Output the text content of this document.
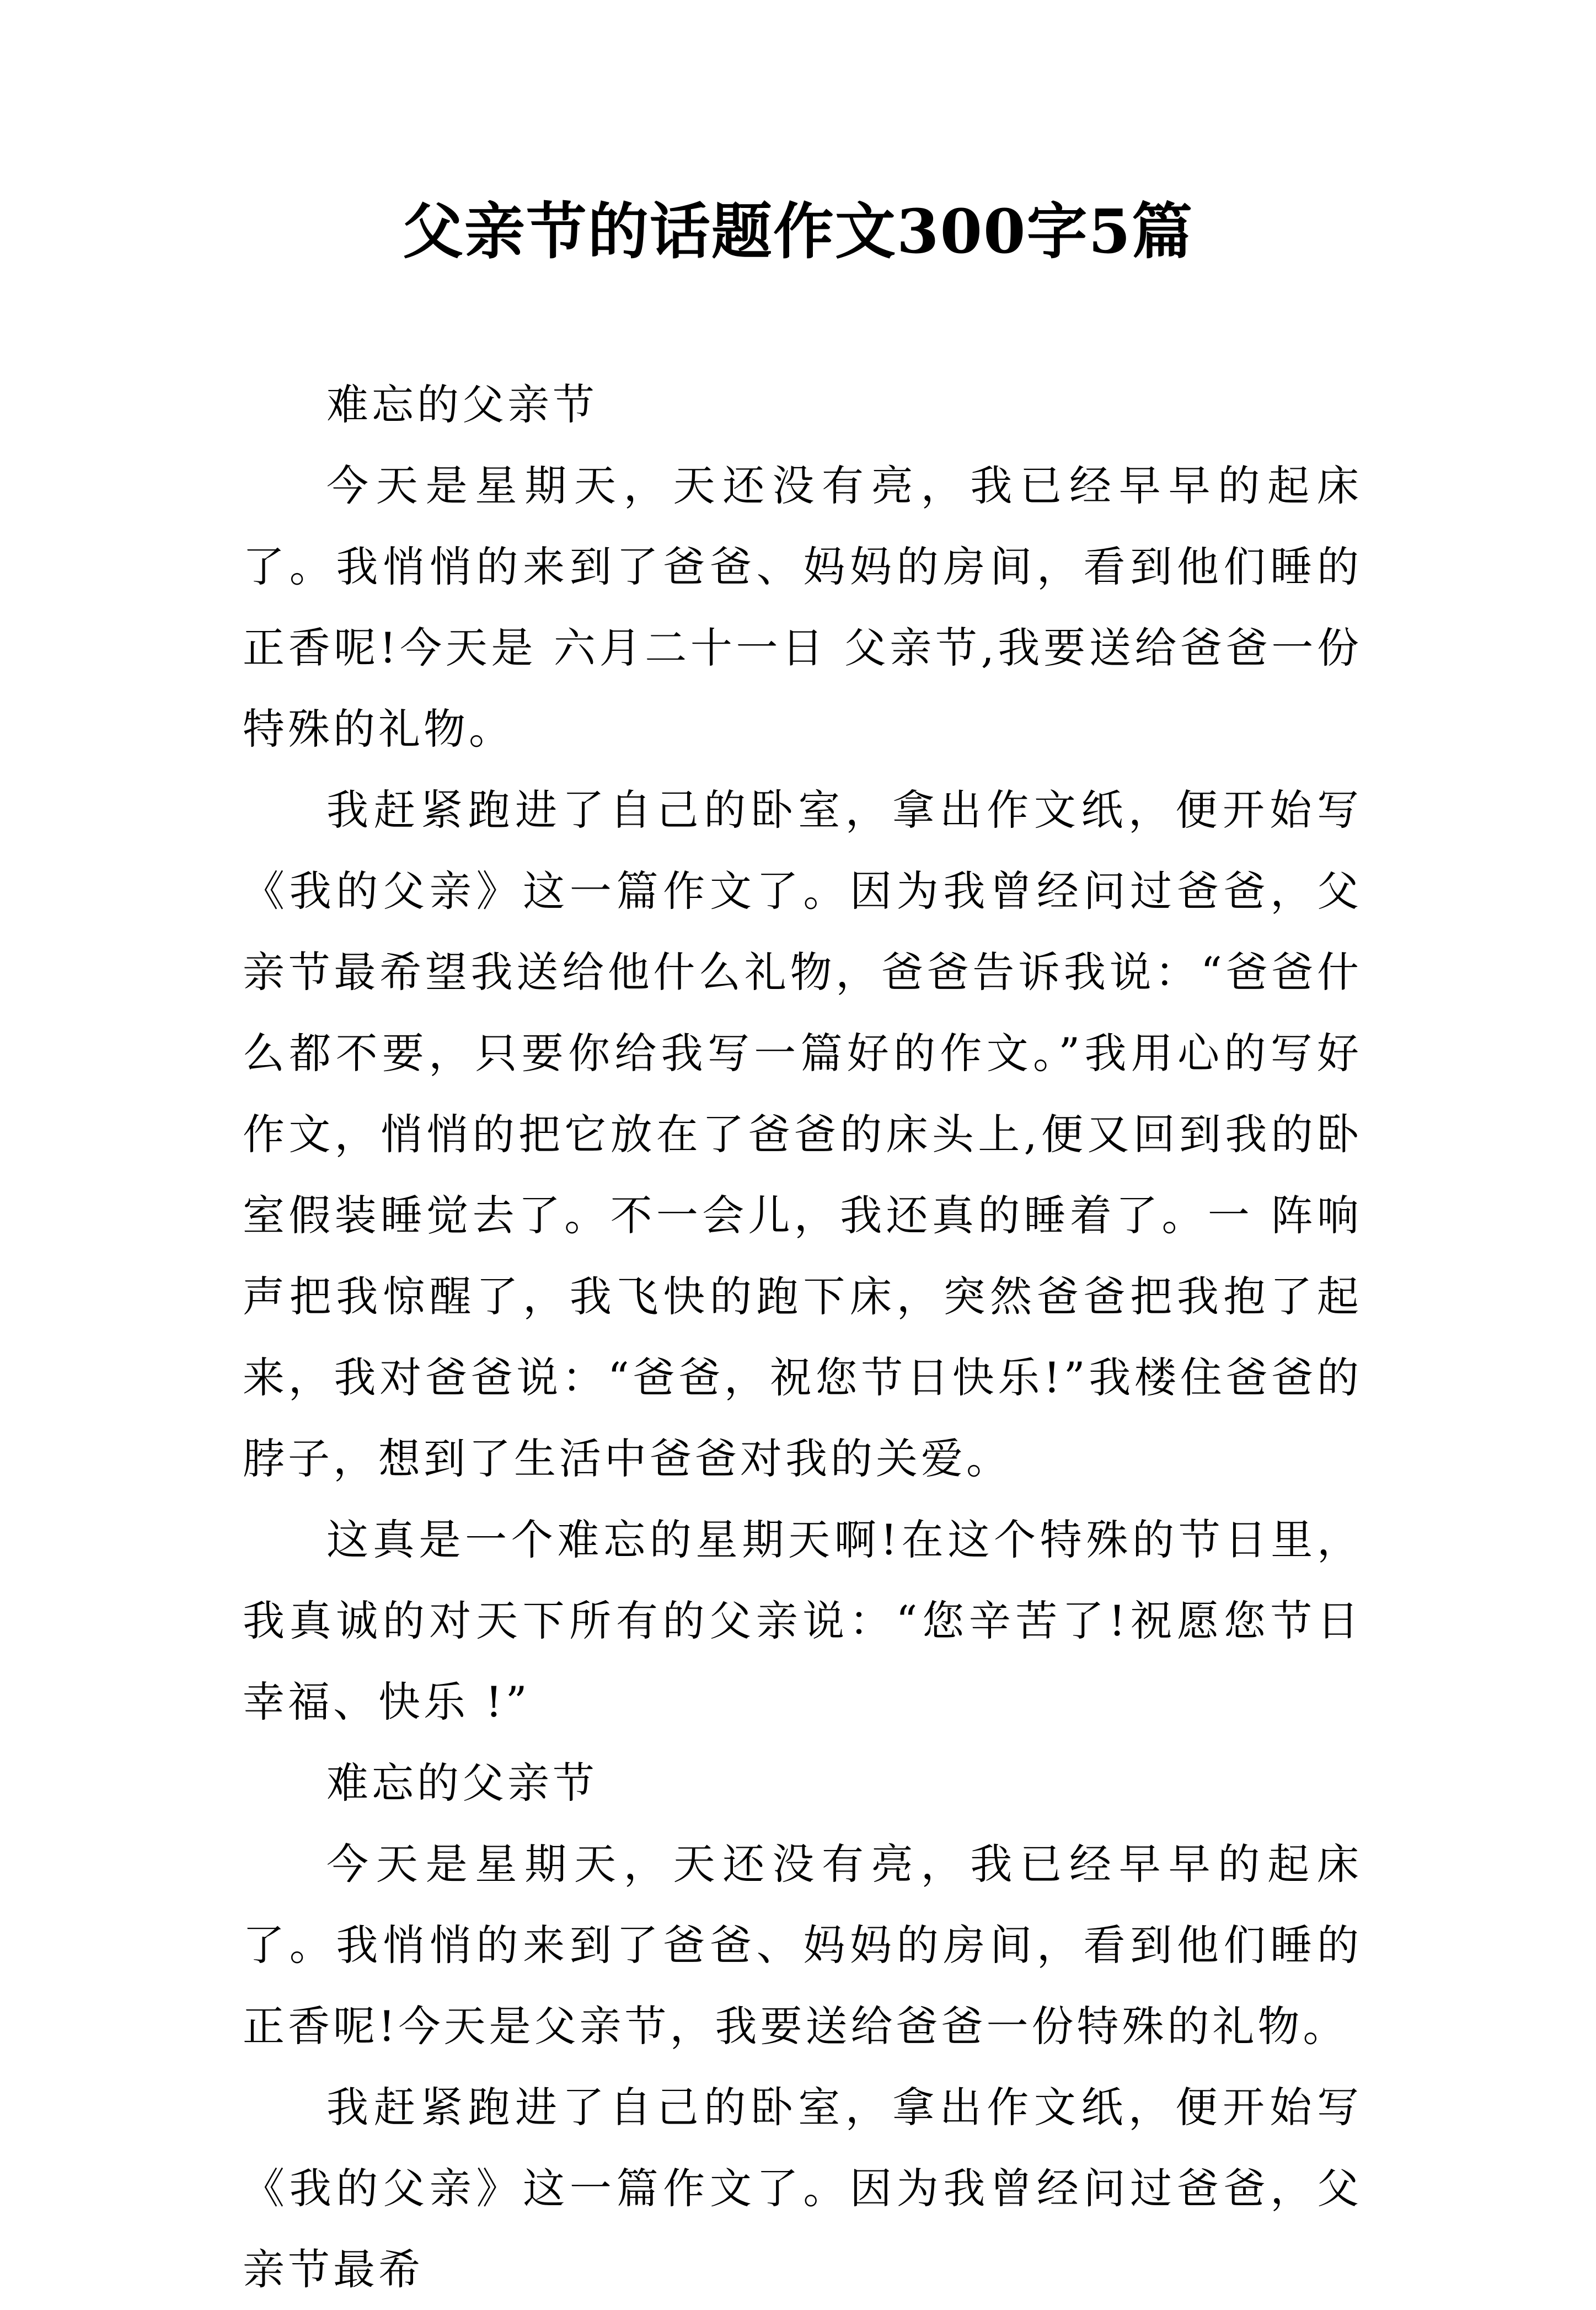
父亲节的话题作文300字5篇

难忘的父亲节

今天是星期天，天还没有亮，我已经早早的起床了。我悄悄的来到了爸爸、妈妈的房间，看到他们睡的正香呢!今天是 六月二十一日 父亲节,我要送给爸爸一份特殊的礼物。

我赶紧跑进了自己的卧室，拿出作文纸，便开始写《我的父亲》这一篇作文了。因为我曾经问过爸爸，父亲节最希望我送给他什么礼物，爸爸告诉我说：“爸爸什 么都不要，只要你给我写一篇好的作文。”我用心的写好作文，悄悄的把它放在了爸爸的床头上,便又回到我的卧室假装睡觉去了。不一会儿，我还真的睡着了。一 阵响声把我惊醒了，我飞快的跑下床，突然爸爸把我抱了起来，我对爸爸说：“爸爸，祝您节日快乐!”我楼住爸爸的脖子，想到了生活中爸爸对我的关爱。

这真是一个难忘的星期天啊!在这个特殊的节日里，我真诚的对天下所有的父亲说：“您辛苦了!祝愿您节日幸福、快乐 !”

难忘的父亲节

今天是星期天，天还没有亮，我已经早早的起床了。我悄悄的来到了爸爸、妈妈的房间，看到他们睡的正香呢!今天是父亲节，我要送给爸爸一份特殊的礼物。

我赶紧跑进了自己的卧室，拿出作文纸，便开始写《我的父亲》这一篇作文了。因为我曾经问过爸爸，父亲节最希
